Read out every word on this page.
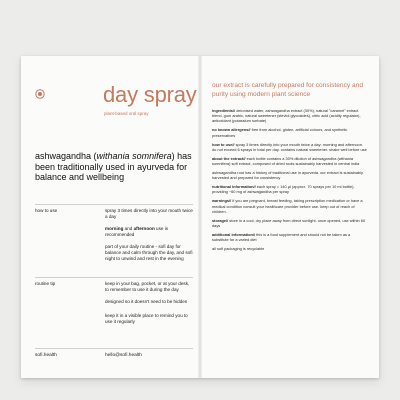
day spray
plant-based oral spray
ashwagandha (withania somnifera) has been traditionally used in ayurveda for balance and wellbeing
how to use	spray 3 times directly into your mouth twice a day
morning and afternoon use is recommended
part of your daily routine - sofi day for balance and calm through the day, and sofi night to unwind and rest in the evening
routine tip	keep in your bag, pocket, or at your desk, to remember to use it during the day
designed so it doesn't need to be hidden
keep it in a visible place to remind you to use it regularly
sofi.health	hello@sofi.health
our extract is carefully prepared for consistency and purity using modern plant science
ingredients// deionised water, ashwagandha extract (30%), natural "caramel" extract blend, gum arabic, natural sweetener (steviol glycosides), citric acid (acidity regulator), antioxidant (potassium sorbate)
no known allergens// free from alcohol, gluten, artificial colours, and synthetic preservatives
how to use// spray 3 times directly into your mouth twice a day: morning and afternoon. do not exceed 6 sprays in total per day. contains natural sweetener. shake well before use
about the extract// each bottle contains a 30% dilution of ashwagandha (withania somnifera) soft extract, composed of dried roots sustainably harvested in central india
ashwagandha root has a history of traditional use in ayurveda. our extract is sustainably harvested and prepared for consistency
nutritional information// each spray = 140 µl (approx. 70 sprays per 10 ml bottle), providing ~60 mg of ashwagandha per spray
warnings// if you are pregnant, breast feeding, taking prescription medication or have a medical condition consult your healthcare provider before use. keep out of reach of children.
storage// store in a cool, dry place away from direct sunlight. once opened, use within 60 days
additional information// this is a food supplement and should not be taken as a substitute for a varied diet
all sofi packaging is recyclable
